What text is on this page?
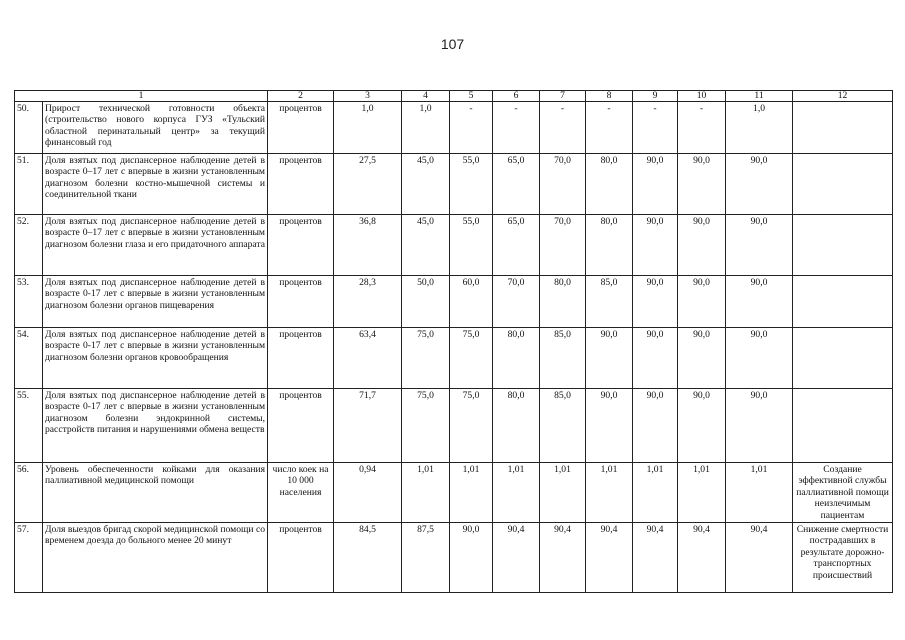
107
1		2	3	4	5	6	7	8	9	10	11	12
50.	Прирост технической готовности объекта (строительство нового корпуса ГУЗ «Тульский областной перинатальный центр» за текущий финансовый год	процентов	1,0	1,0	-	-	-	-	-	-	1,0	
51.	Доля взятых под диспансерное наблюдение детей в возрасте 0–17 лет с впервые в жизни установленным диагнозом болезни костно-мышечной системы и соединительной ткани	процентов	27,5	45,0	55,0	65,0	70,0	80,0	90,0	90,0	90,0	
52.	Доля взятых под диспансерное наблюдение детей в возрасте 0–17 лет с впервые в жизни установленным диагнозом болезни глаза и его придаточного аппарата	процентов	36,8	45,0	55,0	65,0	70,0	80,0	90,0	90,0	90,0	
53.	Доля взятых под диспансерное наблюдение детей в возрасте 0-17 лет с впервые в жизни установленным диагнозом болезни органов пищеварения	процентов	28,3	50,0	60,0	70,0	80,0	85,0	90,0	90,0	90,0	
54.	Доля взятых под диспансерное наблюдение детей в возрасте 0-17 лет с впервые в жизни установленным диагнозом болезни органов кровообращения	процентов	63,4	75,0	75,0	80,0	85,0	90,0	90,0	90,0	90,0	
55.	Доля взятых под диспансерное наблюдение детей в возрасте 0-17 лет с впервые в жизни установленным диагнозом болезни эндокринной системы, расстройств питания и нарушениями обмена веществ	процентов	71,7	75,0	75,0	80,0	85,0	90,0	90,0	90,0	90,0	
56.	Уровень обеспеченности койками для оказания паллиативной медицинской помощи	число коек на 10 000 населения	0,94	1,01	1,01	1,01	1,01	1,01	1,01	1,01	1,01	Создание эффективной службы паллиативной помощи неизлечимым пациентам
57.	Доля выездов бригад скорой медицинской помощи со временем доезда до больного менее 20 минут	процентов	84,5	87,5	90,0	90,4	90,4	90,4	90,4	90,4	90,4	Снижение смертности пострадавших в результате дорожно-транспортных происшествий
